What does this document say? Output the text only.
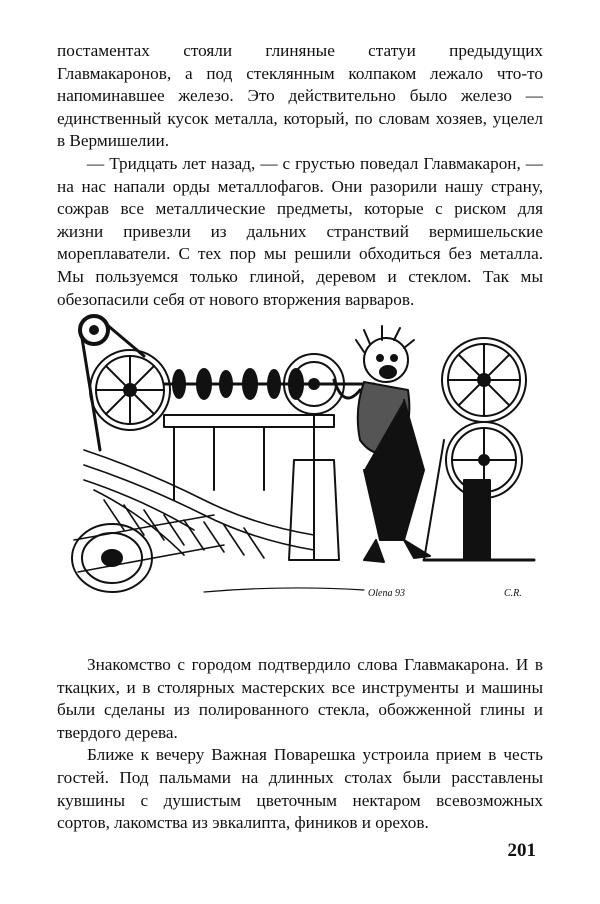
постаментах стояли глиняные статуи предыдущих Главмакаронов, а под стеклянным колпаком лежало что-то напоминавшее железо. Это действительно было железо — единственный кусок металла, который, по словам хозяев, уцелел в Вермишелии.

— Тридцать лет назад, — с грустью поведал Главмакарон, — на нас напали орды металлофагов. Они разорили нашу страну, сожрав все металлические предметы, которые с риском для жизни привезли из дальних странствий вермишельские мореплаватели. С тех пор мы решили обходиться без металла. Мы пользуемся только глиной, деревом и стеклом. Так мы обезопасили себя от нового вторжения варваров.

Olena 93	C.R.

Знакомство с городом подтвердило слова Главмакарона. И в ткацких, и в столярных мастерских все инструменты и машины были сделаны из полированного стекла, обожженной глины и твердого дерева.

Ближе к вечеру Важная Поварешка устроила прием в честь гостей. Под пальмами на длинных столах были расставлены кувшины с душистым цветочным нектаром всевозможных сортов, лакомства из эвкалипта, фиников и орехов.

201
